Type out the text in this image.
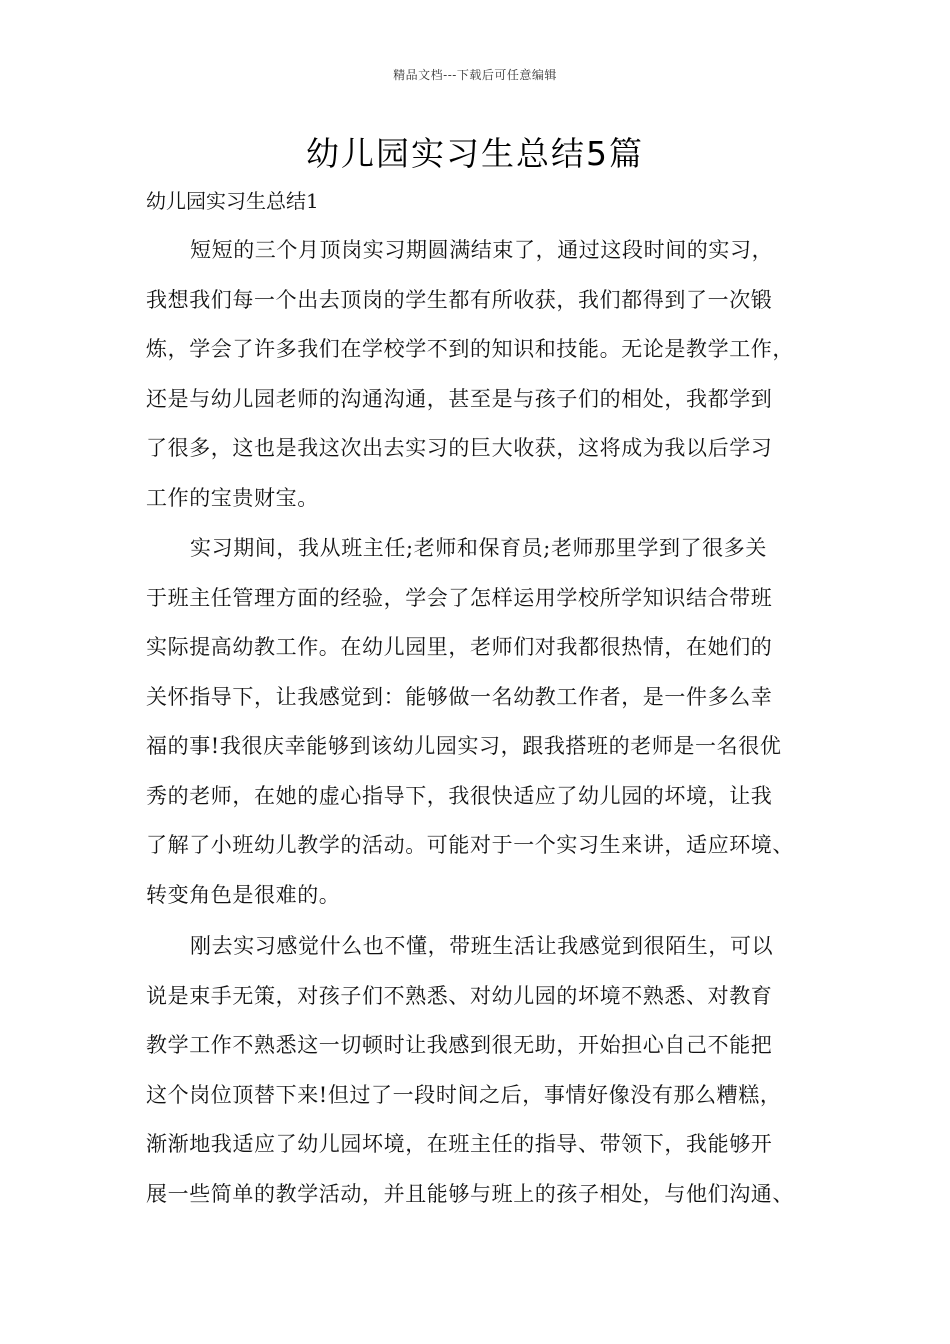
精品文档---下载后可任意编辑
幼儿园实习生总结5篇
幼儿园实习生总结1
短短的三个月顶岗实习期圆满结束了，通过这段时间的实习，
我想我们每一个出去顶岗的学生都有所收获，我们都得到了一次锻
炼，学会了许多我们在学校学不到的知识和技能。无论是教学工作，
还是与幼儿园老师的沟通沟通，甚至是与孩子们的相处，我都学到
了很多，这也是我这次出去实习的巨大收获，这将成为我以后学习
工作的宝贵财宝。
实习期间，我从班主任;老师和保育员;老师那里学到了很多关
于班主任管理方面的经验，学会了怎样运用学校所学知识结合带班
实际提高幼教工作。在幼儿园里，老师们对我都很热情，在她们的
关怀指导下，让我感觉到：能够做一名幼教工作者，是一件多么幸
福的事!我很庆幸能够到该幼儿园实习，跟我搭班的老师是一名很优
秀的老师，在她的虚心指导下，我很快适应了幼儿园的坏境，让我
了解了小班幼儿教学的活动。可能对于一个实习生来讲，适应环境、
转变角色是很难的。
刚去实习感觉什么也不懂，带班生活让我感觉到很陌生，可以
说是束手无策，对孩子们不熟悉、对幼儿园的坏境不熟悉、对教育
教学工作不熟悉这一切顿时让我感到很无助，开始担心自己不能把
这个岗位顶替下来!但过了一段时间之后，事情好像没有那么糟糕，
渐渐地我适应了幼儿园坏境，在班主任的指导、带领下，我能够开
展一些简单的教学活动，并且能够与班上的孩子相处，与他们沟通、
